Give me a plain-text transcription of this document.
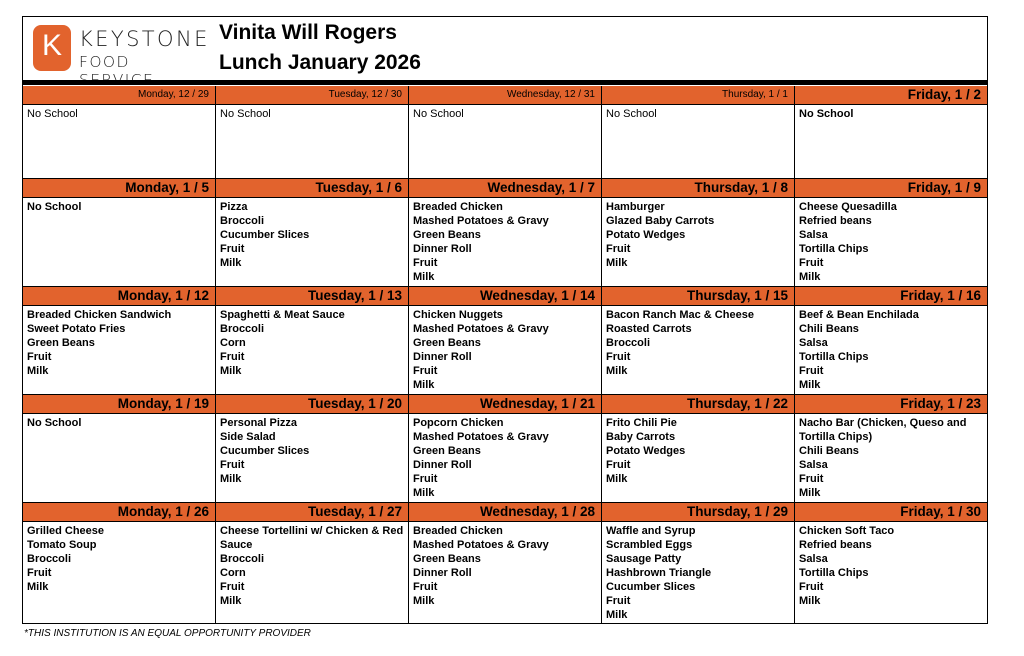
K KEYSTONE
FOOD
Vinita Will Rogers
Lunch January 2026
Monday, 12 / 29
No School
Tuesday, 12 / 30
No School
Wednesday, 12 / 31
No School
Thursday, 1 / 1
No School
Friday, 1 / 2
No School
Monday, 1 / 5
No School
Tuesday, 1 / 6
Pizza
Broccoli
Cucumber Slices
Fruit
Milk
Wednesday, 1 / 7
Breaded Chicken
Mashed Potatoes & Gravy
Green Beans
Dinner Roll
Fruit
Milk
Thursday, 1 / 8
Hamburger
Glazed Baby Carrots
Potato Wedges
Fruit
Milk
Friday, 1 / 9
Cheese Quesadilla
Refried beans
Salsa
Tortilla Chips
Fruit
Milk
Monday, 1 / 12
Breaded Chicken Sandwich
Sweet Potato Fries
Green Beans
Fruit
Milk
Tuesday, 1 / 13
Spaghetti & Meat Sauce
Broccoli
Corn
Fruit
Milk
Wednesday, 1 / 14
Chicken Nuggets
Mashed Potatoes & Gravy
Green Beans
Dinner Roll
Fruit
Milk
Thursday, 1 / 15
Bacon Ranch Mac & Cheese
Roasted Carrots
Broccoli
Fruit
Milk
Friday, 1 / 16
Beef & Bean Enchilada
Chili Beans
Salsa
Tortilla Chips
Fruit
Milk
Monday, 1 / 19
No School
Tuesday, 1 / 20
Personal Pizza
Side Salad
Cucumber Slices
Fruit
Milk
Wednesday, 1 / 21
Popcorn Chicken
Mashed Potatoes & Gravy
Green Beans
Dinner Roll
Fruit
Milk
Thursday, 1 / 22
Frito Chili Pie
Baby Carrots
Potato Wedges
Fruit
Milk
Friday, 1 / 23
Nacho Bar (Chicken, Queso and Tortilla Chips)
Chili Beans
Salsa
Fruit
Milk
Monday, 1 / 26
Grilled Cheese
Tomato Soup
Broccoli
Fruit
Milk
Tuesday, 1 / 27
Cheese Tortellini w/ Chicken & Red Sauce
Broccoli
Corn
Fruit
Milk
Wednesday, 1 / 28
Breaded Chicken
Mashed Potatoes & Gravy
Green Beans
Dinner Roll
Fruit
Milk
Thursday, 1 / 29
Waffle and Syrup
Scrambled Eggs
Sausage Patty
Hashbrown Triangle
Cucumber Slices
Fruit
Milk
Friday, 1 / 30
Chicken Soft Taco
Refried beans
Salsa
Tortilla Chips
Fruit
Milk
*THIS INSTITUTION IS AN EQUAL OPPORTUNITY PROVIDER
